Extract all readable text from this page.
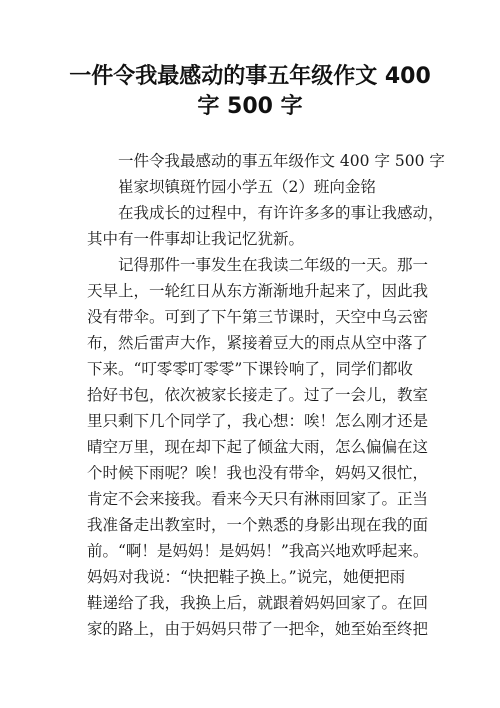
一件令我最感动的事五年级作文 400
字 500 字
一件令我最感动的事五年级作文 400 字 500 字
崔家坝镇斑竹园小学五（2）班向金铭
在我成长的过程中，有许许多多的事让我感动，
其中有一件事却让我记忆犹新。
记得那件一事发生在我读二年级的一天。那一
天早上，一轮红日从东方渐渐地升起来了，因此我
没有带伞。可到了下午第三节课时，天空中乌云密
布，然后雷声大作，紧接着豆大的雨点从空中落了
下来。“叮零零叮零零”下课铃响了，同学们都收
拾好书包，依次被家长接走了。过了一会儿，教室
里只剩下几个同学了，我心想：唉！怎么刚才还是
晴空万里，现在却下起了倾盆大雨，怎么偏偏在这
个时候下雨呢？唉！我也没有带伞，妈妈又很忙，
肯定不会来接我。看来今天只有淋雨回家了。正当
我准备走出教室时，一个熟悉的身影出现在我的面
前。“啊！是妈妈！是妈妈！”我高兴地欢呼起来。
妈妈对我说：“快把鞋子换上。”说完，她便把雨
鞋递给了我，我换上后，就跟着妈妈回家了。在回
家的路上，由于妈妈只带了一把伞，她至始至终把
